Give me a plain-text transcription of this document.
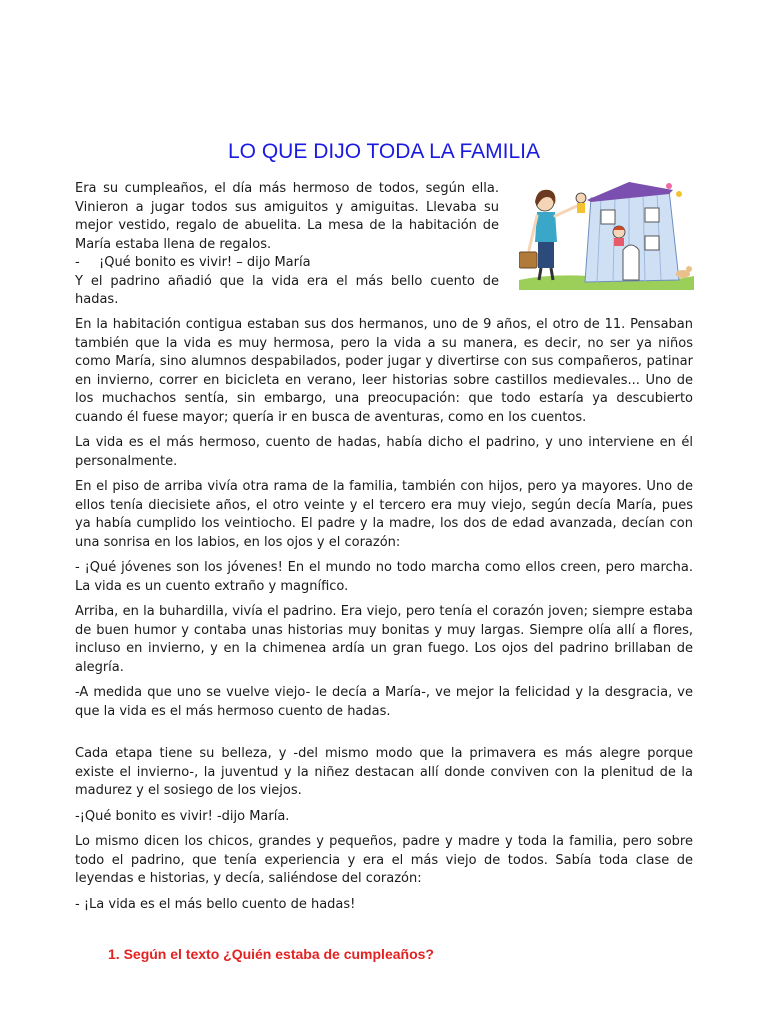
LO QUE DIJO TODA LA FAMILIA

Era su cumpleaños, el día más hermoso de todos, según ella. Vinieron a jugar todos sus amiguitos y amiguitas. Llevaba su mejor vestido, regalo de abuelita. La mesa de la habitación de María estaba llena de regalos.

-	¡Qué bonito es vivir! – dijo María

Y el padrino añadió que la vida era el más bello cuento de hadas.

En la habitación contigua estaban sus dos hermanos, uno de 9 años, el otro de 11. Pensaban también que la vida es muy hermosa, pero la vida a su manera, es decir, no ser ya niños como María, sino alumnos despabilados, poder jugar y divertirse con sus compañeros, patinar en invierno, correr en bicicleta en verano, leer historias sobre castillos medievales... Uno de los muchachos sentía, sin embargo, una preocupación: que todo estaría ya descubierto cuando él fuese mayor; quería ir en busca de aventuras, como en los cuentos.

La vida es el más hermoso, cuento de hadas, había dicho el padrino, y uno interviene en él personalmente.

En el piso de arriba vivía otra rama de la familia, también con hijos, pero ya mayores. Uno de ellos tenía diecisiete años, el otro veinte y el tercero era muy viejo, según decía María, pues ya había cumplido los veintiocho. El padre y la madre, los dos de edad avanzada, decían con una sonrisa en los labios, en los ojos y el corazón:

- ¡Qué jóvenes son los jóvenes! En el mundo no todo marcha como ellos creen, pero marcha. La vida es un cuento extraño y magnífico.

Arriba, en la buhardilla, vivía el padrino. Era viejo, pero tenía el corazón joven; siempre estaba de buen humor y contaba unas historias muy bonitas y muy largas. Siempre olía allí a flores, incluso en invierno, y en la chimenea ardía un gran fuego. Los ojos del padrino brillaban de alegría.

-A medida que uno se vuelve viejo- le decía a María-, ve mejor la felicidad y la desgracia, ve que la vida es el más hermoso cuento de hadas.

Cada etapa tiene su belleza, y -del mismo modo que la primavera es más alegre porque existe el invierno-, la juventud y la niñez destacan allí donde conviven con la plenitud de la madurez y el sosiego de los viejos.

-¡Qué bonito es vivir! -dijo María.

Lo mismo dicen los chicos, grandes y pequeños, padre y madre y toda la familia, pero sobre todo el padrino, que tenía experiencia y era el más viejo de todos. Sabía toda clase de leyendas e historias, y decía, saliéndose del corazón:

- ¡La vida es el más bello cuento de hadas!

1. Según el texto ¿Quién estaba de cumpleaños?
